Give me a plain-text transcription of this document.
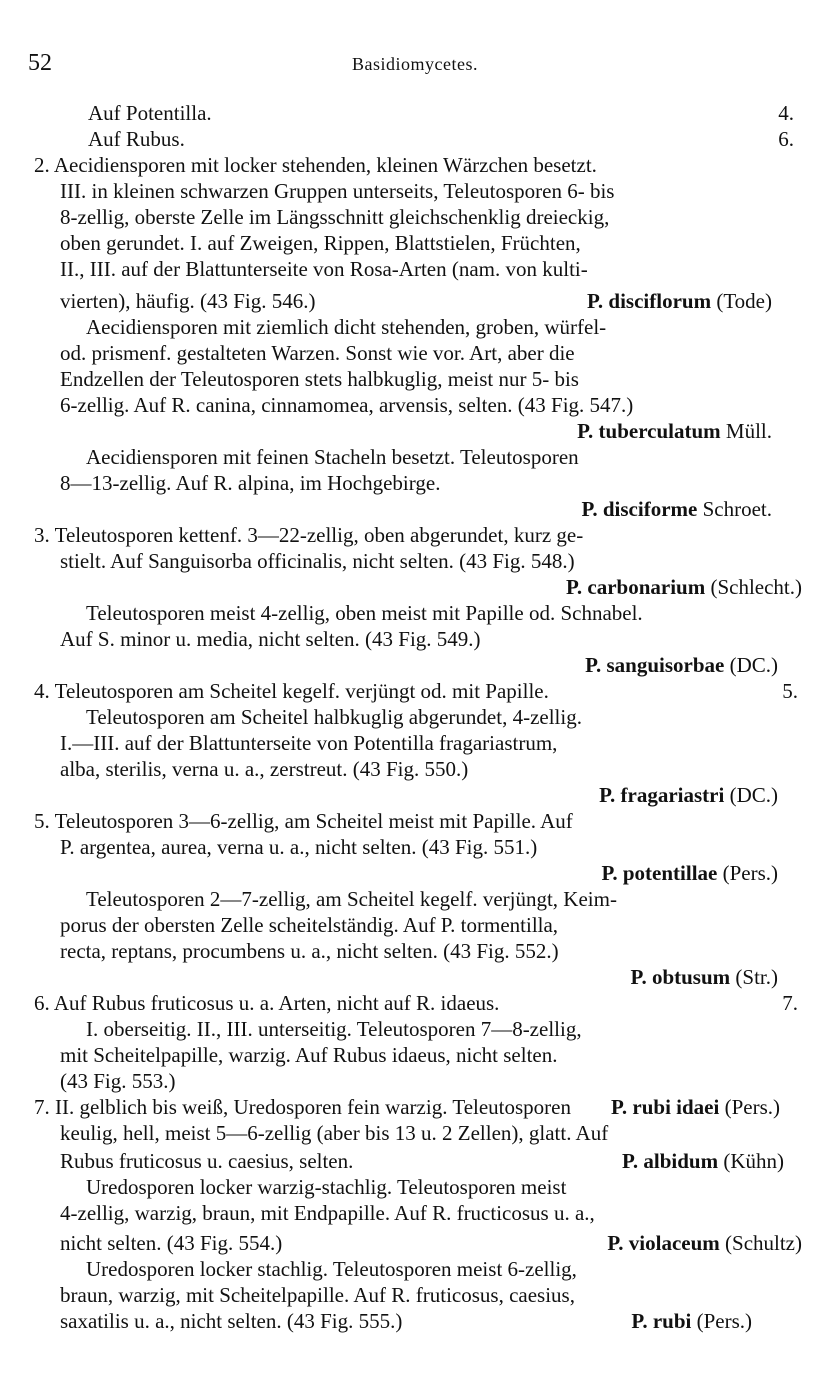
52	Basidiomycetes.
Auf Potentilla.
Auf Rubus.
2. Aecidiensporen mit locker stehenden, kleinen Wärzchen besetzt.
III. in kleinen schwarzen Gruppen unterseits, Teleutosporen 6- bis
8-zellig, oberste Zelle im Längsschnitt gleichschenklig dreieckig,
oben gerundet. I. auf Zweigen, Rippen, Blattstielen, Früchten,
II., III. auf der Blattunterseite von Rosa-Arten (nam. von kulti-
vierten), häufig. (43 Fig. 546.)
Aecidiensporen mit ziemlich dicht stehenden, groben, würfel-
od. prismenf. gestalteten Warzen. Sonst wie vor. Art, aber die
Endzellen der Teleutosporen stets halbkuglig, meist nur 5- bis
6-zellig. Auf R. canina, cinnamomea, arvensis, selten. (43 Fig. 547.)
Aecidiensporen mit feinen Stacheln besetzt. Teleutosporen
8—13-zellig. Auf R. alpina, im Hochgebirge.
3. Teleutosporen kettenf. 3—22-zellig, oben abgerundet, kurz ge-
stielt. Auf Sanguisorba officinalis, nicht selten. (43 Fig. 548.)
Teleutosporen meist 4-zellig, oben meist mit Papille od. Schnabel.
Auf S. minor u. media, nicht selten. (43 Fig. 549.)
4. Teleutosporen am Scheitel kegelf. verjüngt od. mit Papille.
Teleutosporen am Scheitel halbkuglig abgerundet, 4-zellig.
I.—III. auf der Blattunterseite von Potentilla fragariastrum,
alba, sterilis, verna u. a., zerstreut. (43 Fig. 550.)
5. Teleutosporen 3—6-zellig, am Scheitel meist mit Papille. Auf
P. argentea, aurea, verna u. a., nicht selten. (43 Fig. 551.)
Teleutosporen 2—7-zellig, am Scheitel kegelf. verjüngt, Keim-
porus der obersten Zelle scheitelständig. Auf P. tormentilla,
recta, reptans, procumbens u. a., nicht selten. (43 Fig. 552.)
6. Auf Rubus fruticosus u. a. Arten, nicht auf R. idaeus.
I. oberseitig. II., III. unterseitig. Teleutosporen 7—8-zellig,
mit Scheitelpapille, warzig. Auf Rubus idaeus, nicht selten.
(43 Fig. 553.)
7. II. gelblich bis weiß, Uredosporen fein warzig. Teleutosporen
keulig, hell, meist 5—6-zellig (aber bis 13 u. 2 Zellen), glatt. Auf
Rubus fruticosus u. caesius, selten.
Uredosporen locker warzig-stachlig. Teleutosporen meist
4-zellig, warzig, braun, mit Endpapille. Auf R. fructicosus u. a.,
nicht selten. (43 Fig. 554.)
Uredosporen locker stachlig. Teleutosporen meist 6-zellig,
braun, warzig, mit Scheitelpapille. Auf R. fruticosus, caesius,
saxatilis u. a., nicht selten. (43 Fig. 555.)
4.
6.
5.
7.
P. disciflorum (Tode)
P. tuberculatum Müll.
P. disciforme Schroet.
P. carbonarium (Schlecht.)
P. sanguisorbae (DC.)
P. fragariastri (DC.)
P. potentillae (Pers.)
P. obtusum (Str.)
P. rubi idaei (Pers.)
P. albidum (Kühn)
P. violaceum (Schultz)
P. rubi (Pers.)
